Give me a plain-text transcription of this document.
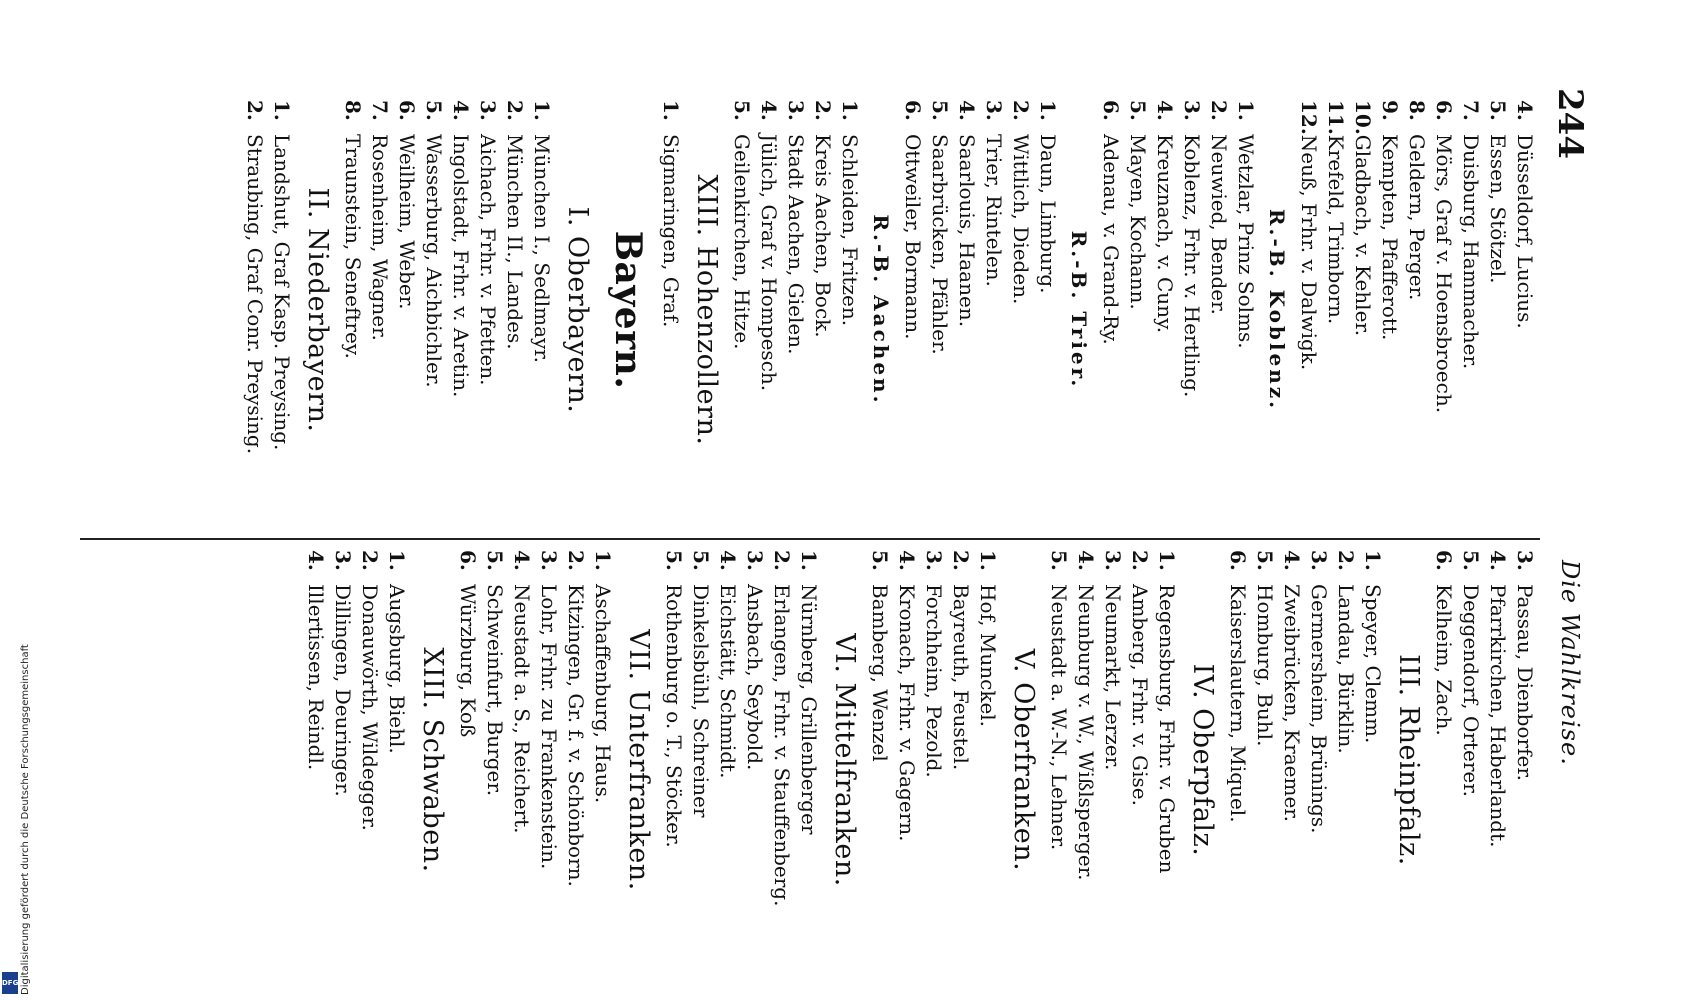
244
Die Wahlkreise.
4.Düsseldorf, Lucius.
5.Essen, Stötzel.
7.Duisburg, Hammacher.
6.Mörs, Graf v. Hoensbroech.
8.Geldern, Perger.
9.Kempten, Pfafferott.
10.Gladbach, v. Kehler.
11.Krefeld, Trimborn.
12.Neuß, Frhr. v. Dalwigk.
R.-B. Koblenz.
1.Wetzlar, Prinz Solms.
2.Neuwied, Bender.
3.Koblenz, Frhr. v. Hertling.
4.Kreuznach, v. Cuny.
5.Mayen, Kochann.
6.Adenau, v. Grand-Ry.
R.-B. Trier.
1.Daun, Limburg.
2.Wittlich, Dieden.
3.Trier, Rintelen.
4.Saarlouis, Haanen.
5.Saarbrücken, Pfähler.
6.Ottweiler, Bormann.
R.-B. Aachen.
1.Schleiden, Fritzen.
2.Kreis Aachen, Bock.
3.Stadt Aachen, Gielen.
4.Jülich, Graf v. Hompesch.
5.Geilenkirchen, Hitze.
XIII. Hohenzollern.
1.Sigmaringen, Graf.
Bayern.
I. Oberbayern.
1.München I., Sedlmayr.
2.München II., Landes.
3.Aichach, Frhr. v. Pfetten.
4.Ingolstadt, Frhr. v. Aretin.
5.Wasserburg, Aichbichler.
6.Weilheim, Weber.
7.Rosenheim, Wagner.
8.Traunstein, Seneftrey.
II. Niederbayern.
1.Landshut, Graf Kasp. Preysing.
2.Straubing, Graf Conr. Preysing.
3.Passau, Dienborfer.
4.Pfarrkirchen, Haberlandt.
5.Deggendorf, Orterer.
6.Kelheim, Zach.
III. Rheinpfalz.
1.Speyer, Clemm.
2.Landau, Bürklin.
3.Germersheim, Brünings.
4.Zweibrücken, Kraemer.
5.Homburg, Buhl.
6.Kaiserslautern, Miquel.
IV. Oberpfalz.
1.Regensburg, Frhr. v. Gruben
2.Amberg, Frhr. v. Gise.
3.Neumarkt, Lerzer.
4.Neunburg v. W., Wißlsperger.
5.Neustadt a. W.-N., Lehner.
V. Oberfranken.
1.Hof, Munckel.
2.Bayreuth, Feustel.
3.Forchheim, Pezold.
4.Kronach, Frhr. v. Gagern.
5.Bamberg, Wenzel
VI. Mittelfranken.
1.Nürnberg, Grillenberger
2.Erlangen, Frhr. v. Stauffenberg.
3.Ansbach, Seybold.
4.Eichstätt, Schmidt.
5.Dinkelsbühl, Schreiner
5.Rothenburg o. T., Stöcker.
VII. Unterfranken.
1.Aschaffenburg, Haus.
2.Kitzingen, Gr. f. v. Schönborn.
3.Lohr, Frhr. zu Frankenstein.
4.Neustadt a. S., Reichert.
5.Schweinfurt, Burger.
6.Würzburg, Koß
XIII. Schwaben.
1.Augsburg, Biehl.
2.Donauwörth, Wildegger.
3.Dillingen, Deuringer.
4.Illertissen, Reindl.
Digitalisierung gefördert durch die Deutsche Forschungsgemeinschaft
DFG
